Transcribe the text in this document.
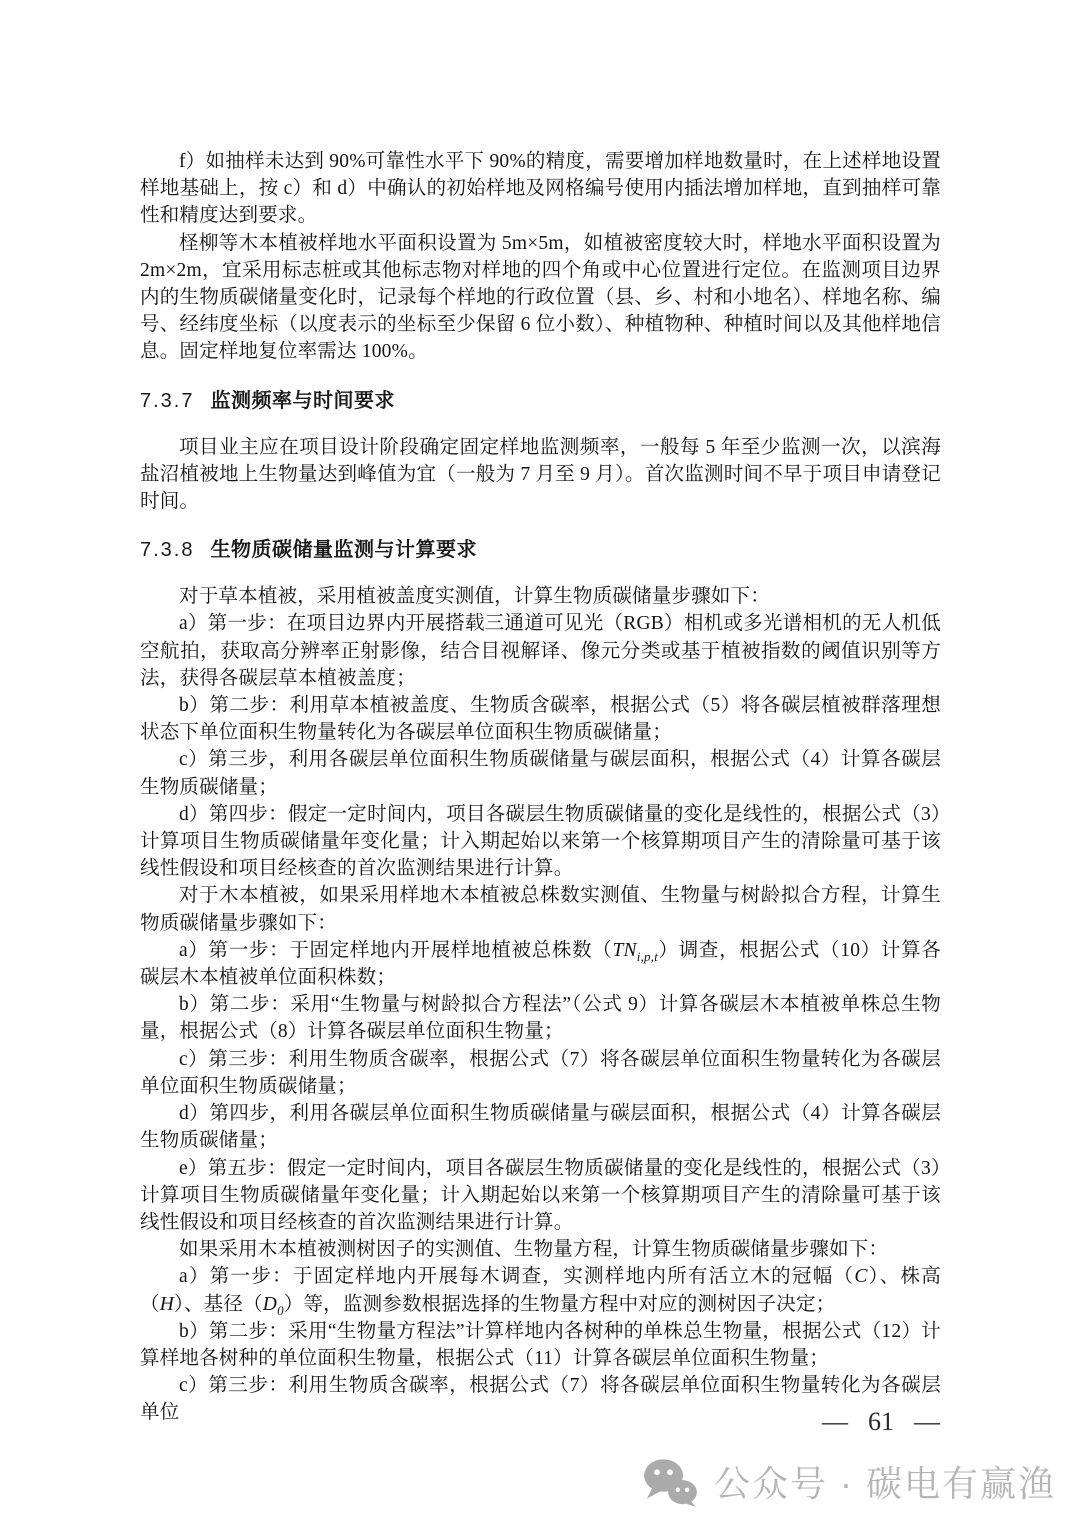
f）如抽样未达到 90%可靠性水平下 90%的精度，需要增加样地数量时，在上述样地设置样地基础上，按 c）和 d）中确认的初始样地及网格编号使用内插法增加样地，直到抽样可靠性和精度达到要求。

柽柳等木本植被样地水平面积设置为 5m×5m，如植被密度较大时，样地水平面积设置为 2m×2m，宜采用标志桩或其他标志物对样地的四个角或中心位置进行定位。在监测项目边界内的生物质碳储量变化时，记录每个样地的行政位置（县、乡、村和小地名）、样地名称、编号、经纬度坐标（以度表示的坐标至少保留 6 位小数）、种植物种、种植时间以及其他样地信息。固定样地复位率需达 100%。

7.3.7 监测频率与时间要求

项目业主应在项目设计阶段确定固定样地监测频率，一般每 5 年至少监测一次，以滨海盐沼植被地上生物量达到峰值为宜（一般为 7 月至 9 月）。首次监测时间不早于项目申请登记时间。

7.3.8 生物质碳储量监测与计算要求

对于草本植被，采用植被盖度实测值，计算生物质碳储量步骤如下：

a）第一步：在项目边界内开展搭载三通道可见光（RGB）相机或多光谱相机的无人机低空航拍，获取高分辨率正射影像，结合目视解译、像元分类或基于植被指数的阈值识别等方法，获得各碳层草本植被盖度；

b）第二步：利用草本植被盖度、生物质含碳率，根据公式（5）将各碳层植被群落理想状态下单位面积生物量转化为各碳层单位面积生物质碳储量；

c）第三步，利用各碳层单位面积生物质碳储量与碳层面积，根据公式（4）计算各碳层生物质碳储量；

d）第四步：假定一定时间内，项目各碳层生物质碳储量的变化是线性的，根据公式（3）计算项目生物质碳储量年变化量；计入期起始以来第一个核算期项目产生的清除量可基于该线性假设和项目经核查的首次监测结果进行计算。

对于木本植被，如果采用样地木本植被总株数实测值、生物量与树龄拟合方程，计算生物质碳储量步骤如下：

a）第一步：于固定样地内开展样地植被总株数$(TN_{i,p,t})$调查，根据公式（10）计算各碳层木本植被单位面积株数；

b）第二步：采用“生物量与树龄拟合方程法”（公式 9）计算各碳层木本植被单株总生物量，根据公式（8）计算各碳层单位面积生物量；

c）第三步：利用生物质含碳率，根据公式（7）将各碳层单位面积生物量转化为各碳层单位面积生物质碳储量；

d）第四步，利用各碳层单位面积生物质碳储量与碳层面积，根据公式（4）计算各碳层生物质碳储量；

e）第五步：假定一定时间内，项目各碳层生物质碳储量的变化是线性的，根据公式（3）计算项目生物质碳储量年变化量；计入期起始以来第一个核算期项目产生的清除量可基于该线性假设和项目经核查的首次监测结果进行计算。

如果采用木本植被测树因子的实测值、生物量方程，计算生物质碳储量步骤如下：

a）第一步：于固定样地内开展每木调查，实测样地内所有活立木的冠幅（C）、株高（H）、基径$(D_0)$等，监测参数根据选择的生物量方程中对应的测树因子决定；

b）第二步：采用“生物量方程法”计算样地内各树种的单株总生物量，根据公式（12）计算样地各树种的单位面积生物量，根据公式（11）计算各碳层单位面积生物量；

c）第三步：利用生物质含碳率，根据公式（7）将各碳层单位面积生物量转化为各碳层单位	— 61 —
公众号 · 碳电有赢渔
